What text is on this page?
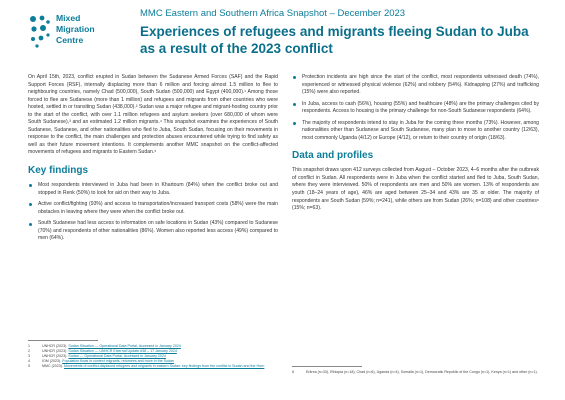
Mixed
Migration
Centre
MMC Eastern and Southern Africa Snapshot – December 2023
Experiences of refugees and migrants fleeing Sudan to Juba as a result of the 2023 conflict

On April 15th, 2023, conflict erupted in Sudan between the Sudanese Armed Forces (SAF) and the Rapid Support Forces (RSF), internally displacing more than 6 million and forcing almost 1.5 million to flee to neighbouring countries, namely Chad (500,000), South Sudan (500,000) and Egypt (400,000).¹ Among those forced to flee are Sudanese (more than 1 million) and refugees and migrants from other countries who were hosted, settled in or transiting Sudan (438,000).² Sudan was a major refugee and migrant-hosting country prior to the start of the conflict, with over 1.1 million refugees and asylum seekers (over 680,000 of whom were South Sudanese),³ and an estimated 1.2 million migrants.⁴ This snapshot examines the experiences of South Sudanese, Sudanese, and other nationalities who fled to Juba, South Sudan, focusing on their movements in response to the conflict, the main challenges and protection abuses encountered while trying to find safety as well as their future movement intentions. It complements another MMC snapshot on the conflict-affected movements of refugees and migrants to Eastern Sudan.⁵

Key findings
Most respondents interviewed in Juba had been in Khartoum (84%) when the conflict broke out and stopped in Renk (50%) to look for aid on their way to Juba.
Active conflict/fighting (93%) and access to transportation/increased transport costs (58%) were the main obstacles in leaving where they were when the conflict broke out.
South Sudanese had less access to information on safe locations in Sudan (43%) compared to Sudanese (70%) and respondents of other nationalities (86%). Women also reported less access (49%) compared to men (64%).
Protection incidents are high since the start of the conflict, most respondents witnessed death (74%), experienced or witnessed physical violence (62%) and robbery (54%). Kidnapping (27%) and trafficking (15%) were also reported.
In Juba, access to cash (56%), housing (55%) and healthcare (48%) are the primary challenges cited by respondents. Access to housing is the primary challenge for non-South Sudanese respondents (64%).
The majority of respondents intend to stay in Juba for the coming three months (73%). However, among nationalities other than Sudanese and South Sudanese, many plan to move to another country (12/63), most commonly Uganda (4/12) or Europe (4/12), or return to their country of origin (18/63).
Data and profiles

This snapshot draws upon 412 surveys collected from August – October 2023, 4–6 months after the outbreak of conflict in Sudan. All respondents were in Juba when the conflict started and fled to Juba, South Sudan, where they were interviewed. 50% of respondents are men and 50% are women. 13% of respondents are youth (18–24 years of age), 46% are aged between 25–34 and 43% are 35 or older. The majority of respondents are South Sudan (59%; n=241), while others are from Sudan (26%; n=108) and other countries⁶ (15%; n=63).

1	UNHCR (2023). Sudan Situation — Operational Data Portal, Accessed in January 2024
2	UNHCR (2023). Sudan Situation — UNHCR External Update #38 – 17 January 2024
3	UNHCR (2023). Sudan — Operational Data Portal, Accessed in January 2024
4	IOM (2023). Population flows in context migrants, returnees and more in the Sudan
5	MMC (2023). Movements of conflict-displaced refugees and migrants in eastern Sudan: key findings from the conflict in Sudan and the Horn
6	Eritrea (n=33), Ethiopia (n=18), Chad (n=6), Uganda (n=4), Somalia (n=1), Democratic Republic of the Congo (n=1), Kenya (n=1) and other (n=1).
